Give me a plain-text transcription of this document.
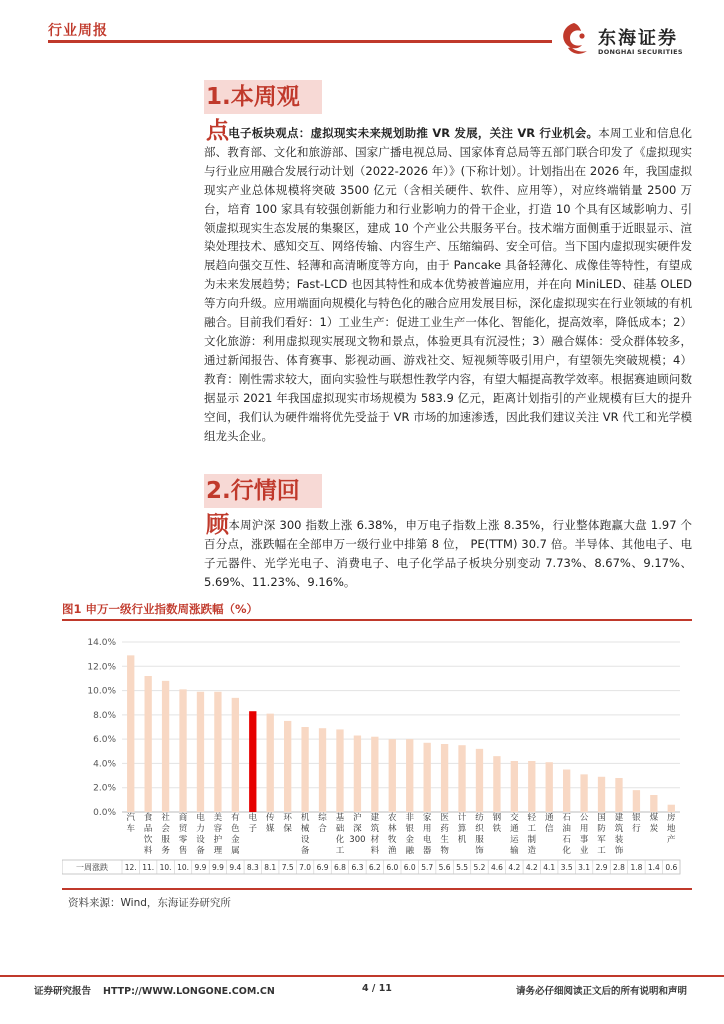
行业周报	东海证券
DONGHAI SECURITIES
1.本周观点 电子板块观点：虚拟现实未来规划助推 VR 发展，关注 VR 行业机会。本周工业和信息化部、教育部、文化和旅游部、国家广播电视总局、国家体育总局等五部门联合印发了《虚拟现实与行业应用融合发展行动计划（2022-2026 年）》(下称计划）。计划指出在 2026 年，我国虚拟现实产业总体规模将突破 3500 亿元（含相关硬件、软件、应用等），对应终端销量 2500 万台，培育 100 家具有较强创新能力和行业影响力的骨干企业，打造 10 个具有区域影响力、引领虚拟现实生态发展的集聚区，建成 10 个产业公共服务平台。技术端方面侧重于近眼显示、渲染处理技术、感知交互、网络传输、内容生产、压缩编码、安全可信。当下国内虚拟现实硬件发展趋向强交互性、轻薄和高清晰度等方向，由于 Pancake 具备轻薄化、成像佳等特性，有望成为未来发展趋势；Fast-LCD 也因其特性和成本优势被普遍应用，并在向 MiniLED、硅基 OLED 等方向升级。应用端面向规模化与特色化的融合应用发展目标，深化虚拟现实在行业领域的有机融合。目前我们看好：1）工业生产：促进工业生产一体化、智能化，提高效率，降低成本；2）文化旅游：利用虚拟现实展现文物和景点，体验更具有沉浸性；3）融合媒体：受众群体较多，通过新闻报告、体育赛事、影视动画、游戏社交、短视频等吸引用户，有望领先突破规模；4）教育：刚性需求较大，面向实验性与联想性教学内容，有望大幅提高教学效率。根据赛迪顾问数据显示 2021 年我国虚拟现实市场规模为 583.9 亿元，距离计划指引的产业规模有巨大的提升空间，我们认为硬件端将优先受益于 VR 市场的加速渗透，因此我们建议关注 VR 代工和光学模组龙头企业。
2.行情回顾 本周沪深 300 指数上涨 6.38%，申万电子指数上涨 8.35%，行业整体跑赢大盘 1.97 个百分点，涨跌幅在全部申万一级行业中排第 8 位， PE(TTM) 30.7 倍。半导体、其他电子、电子元器件、光学光电子、消费电子、电子化学品子板块分别变动 7.73%、8.67%、9.17%、5.69%、11.23%、9.16%。
图1 申万一级行业指数周涨跌幅（%）
0.0%
2.0%
4.0%
6.0%
8.0%
10.0%
12.0%
14.0%
汽车
食品饮料
社会服务
商贸零售
电力设备
美容护理
有色金属
电子
传媒
环保
机械设备
综合
基础化工
沪深 300
建筑材料
农林牧渔
非银金融
家用电器
医药生物
计算机
纺织服饰
钢铁
交通运输
轻工制造
通信
石油石化
公用事业
国防军工
建筑装饰
银行
煤炭
房地产
一周涨跌 12. 11. 10. 10. 9.9 9.9 9.4 8.3 8.1 7.5 7.0 6.9 6.8 6.3 6.2 6.0 6.0 5.7 5.6 5.5 5.2 4.6 4.2 4.2 4.1 3.5 3.1 2.9 2.8 1.8 1.4 0.6
资料来源：Wind，东海证券研究所
证券研究报告 HTTP://WWW.LONGONE.COM.CN	4 / 11	请务必仔细阅读正文后的所有说明和声明
